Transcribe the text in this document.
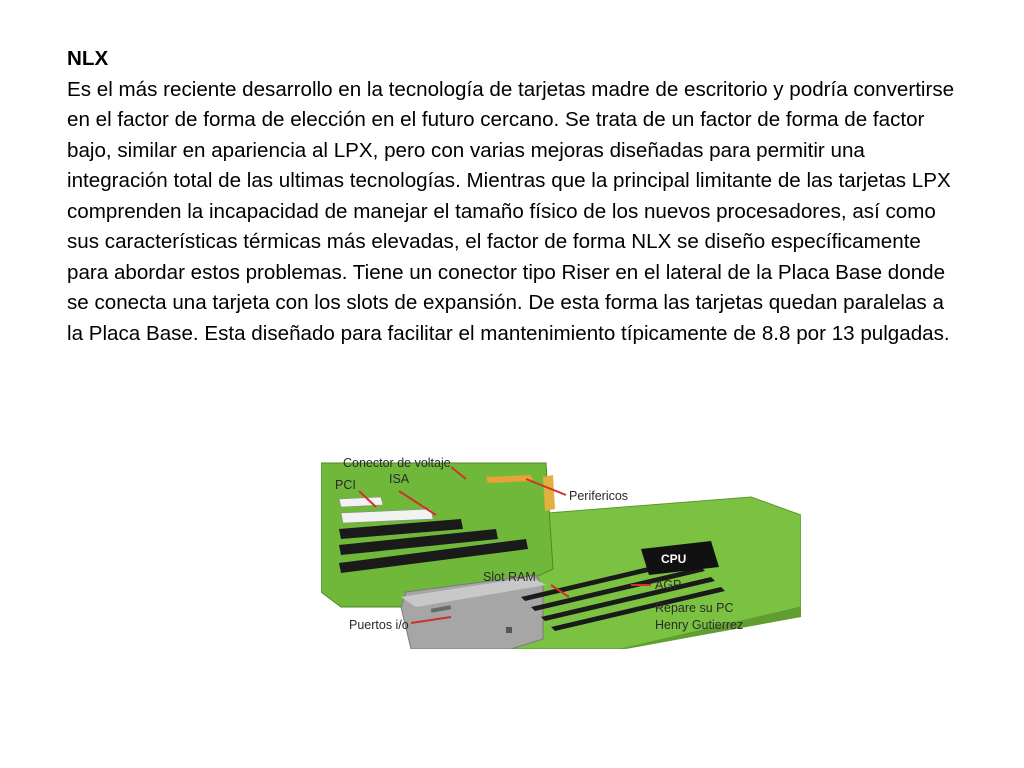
NLX
Es el más reciente desarrollo en la tecnología de tarjetas madre de escritorio y podría convertirse en el factor de forma de elección en el futuro cercano. Se trata de un factor de forma de factor bajo, similar en apariencia al LPX, pero con varias mejoras diseñadas para permitir una integración total de las ultimas tecnologías. Mientras que la principal limitante de las tarjetas LPX comprenden la incapacidad de manejar el tamaño físico de los nuevos procesadores, así como sus características térmicas más elevadas, el factor de forma NLX se diseño específicamente para abordar estos problemas. Tiene un conector tipo Riser en el lateral de la Placa Base donde se conecta una tarjeta con los slots de expansión. De esta forma las tarjetas quedan paralelas a la Placa Base. Esta diseñado para facilitar el mantenimiento típicamente de 8.8 por 13 pulgadas.
CPU
Conector de voltaje
ISA
PCI
Perifericos
Slot RAM
AGP
Repare su PC
Henry Gutierrez
Puertos i/o
